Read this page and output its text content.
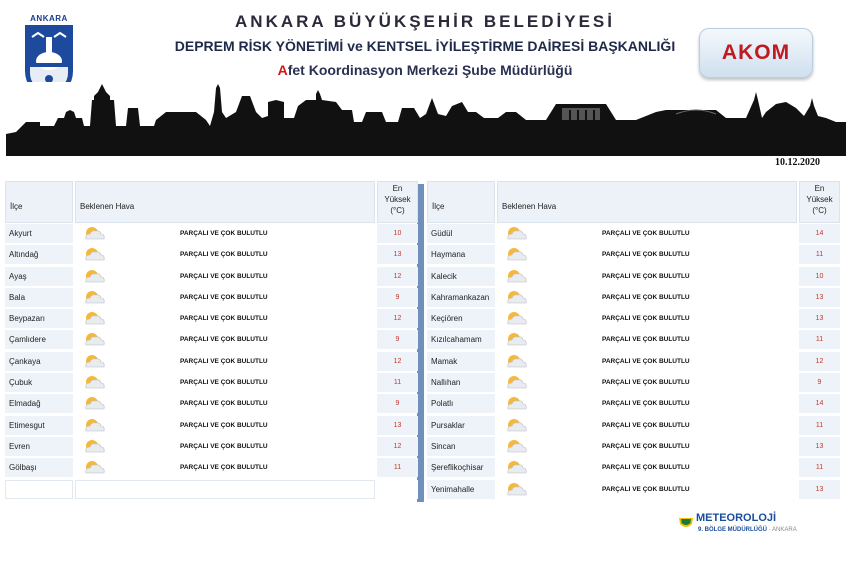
ANKARA	ANKARA BÜYÜKŞEHİR BELEDİYESİ
DEPREM RİSK YÖNETİMİ ve KENTSEL İYİLEŞTİRME DAİRESİ BAŞKANLIĞI
Afet Koordinasyon Merkezi Şube Müdürlüğü
AKOM
10.12.2020
İlçe	Beklenen Hava
En
Yüksek
(°C)
Akyurt	PARÇALI VE ÇOK BULUTLU	10
Altındağ	PARÇALI VE ÇOK BULUTLU	13
Ayaş	PARÇALI VE ÇOK BULUTLU	12
Bala	PARÇALI VE ÇOK BULUTLU	9
Beypazarı	PARÇALI VE ÇOK BULUTLU	12
Çamlıdere	PARÇALI VE ÇOK BULUTLU	9
Çankaya	PARÇALI VE ÇOK BULUTLU	12
Çubuk	PARÇALI VE ÇOK BULUTLU	11
Elmadağ	PARÇALI VE ÇOK BULUTLU	9
Etimesgut	PARÇALI VE ÇOK BULUTLU	13
Evren	PARÇALI VE ÇOK BULUTLU	12
Gölbaşı	PARÇALI VE ÇOK BULUTLU	11
İlçe	Beklenen Hava
En
Yüksek
(°C)
Güdül	PARÇALI VE ÇOK BULUTLU	14
Haymana	PARÇALI VE ÇOK BULUTLU	11
Kalecik	PARÇALI VE ÇOK BULUTLU	10
Kahramankazan	PARÇALI VE ÇOK BULUTLU	13
Keçiören	PARÇALI VE ÇOK BULUTLU	13
Kızılcahamam	PARÇALI VE ÇOK BULUTLU	11
Mamak	PARÇALI VE ÇOK BULUTLU	12
Nallıhan	PARÇALI VE ÇOK BULUTLU	9
Polatlı	PARÇALI VE ÇOK BULUTLU	14
Pursaklar	PARÇALI VE ÇOK BULUTLU	11
Sincan	PARÇALI VE ÇOK BULUTLU	13
Şereflikoçhisar	PARÇALI VE ÇOK BULUTLU	11
Yenimahalle	PARÇALI VE ÇOK BULUTLU	13
METEOROLOJİ
9. BÖLGE MÜDÜRLÜĞÜ · ANKARA
